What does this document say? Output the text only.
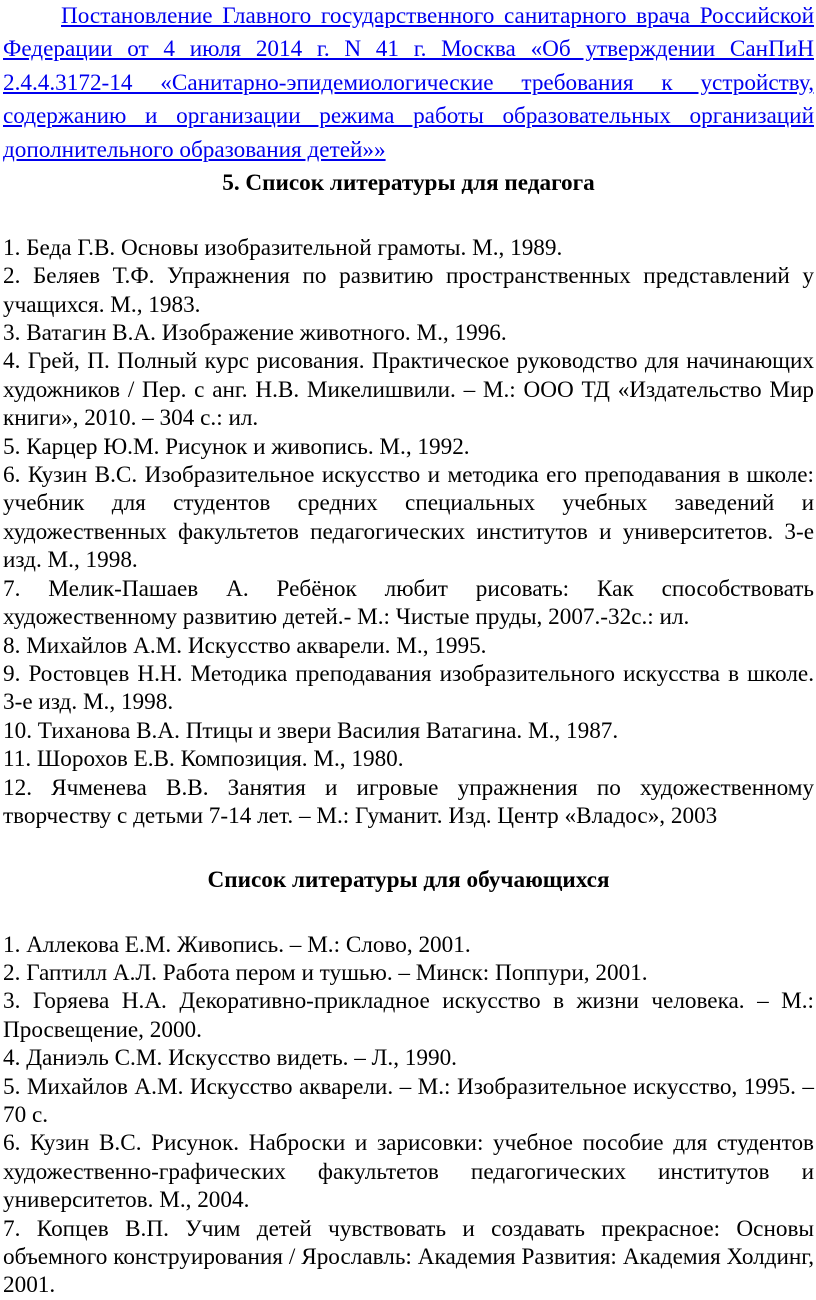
Постановление Главного государственного санитарного врача Российской Федерации от 4 июля 2014 г. N 41 г. Москва «Об утверждении СанПиН 2.4.4.3172-14 «Санитарно-эпидемиологические требования к устройству, содержанию и организации режима работы образовательных организаций дополнительного образования детей»»

5. Список литературы для педагога
1. Беда Г.В. Основы изобразительной грамоты. М., 1989.
2. Беляев Т.Ф. Упражнения по развитию пространственных представлений у учащихся. М., 1983.
3. Ватагин В.А. Изображение животного. М., 1996.
4. Грей, П. Полный курс рисования. Практическое руководство для начинающих художников / Пер. с анг. Н.В. Микелишвили. – М.: ООО ТД «Издательство Мир книги», 2010. – 304 с.: ил.
5. Карцер Ю.М. Рисунок и живопись. М., 1992.
6. Кузин В.С. Изобразительное искусство и методика его преподавания в школе: учебник для студентов средних специальных учебных заведений и художественных факультетов педагогических институтов и университетов. 3-е изд. М., 1998.
7. Мелик-Пашаев А. Ребёнок любит рисовать: Как способствовать художественному развитию детей.- М.: Чистые пруды, 2007.-32с.: ил.
8. Михайлов А.М. Искусство акварели. М., 1995.
9. Ростовцев Н.Н. Методика преподавания изобразительного искусства в школе. 3-е изд. М., 1998.
10. Тиханова В.А. Птицы и звери Василия Ватагина. М., 1987.
11. Шорохов Е.В. Композиция. М., 1980.
12. Ячменева В.В. Занятия и игровые упражнения по художественному творчеству с детьми 7-14 лет. – М.: Гуманит. Изд. Центр «Владос», 2003
Список литературы для обучающихся
1. Аллекова Е.М. Живопись. – М.: Слово, 2001.
2. Гаптилл А.Л. Работа пером и тушью. – Минск: Поппури, 2001.
3. Горяева Н.А. Декоративно-прикладное искусство в жизни человека. – М.: Просвещение, 2000.
4. Даниэль С.М. Искусство видеть. – Л., 1990.
5. Михайлов А.М. Искусство акварели. – М.: Изобразительное искусство, 1995. – 70 с.
6. Кузин В.С. Рисунок. Наброски и зарисовки: учебное пособие для студентов художественно-графических факультетов педагогических институтов и университетов. М., 2004.
7. Копцев В.П. Учим детей чувствовать и создавать прекрасное: Основы объемного конструирования / Ярославль: Академия Развития: Академия Холдинг, 2001.
